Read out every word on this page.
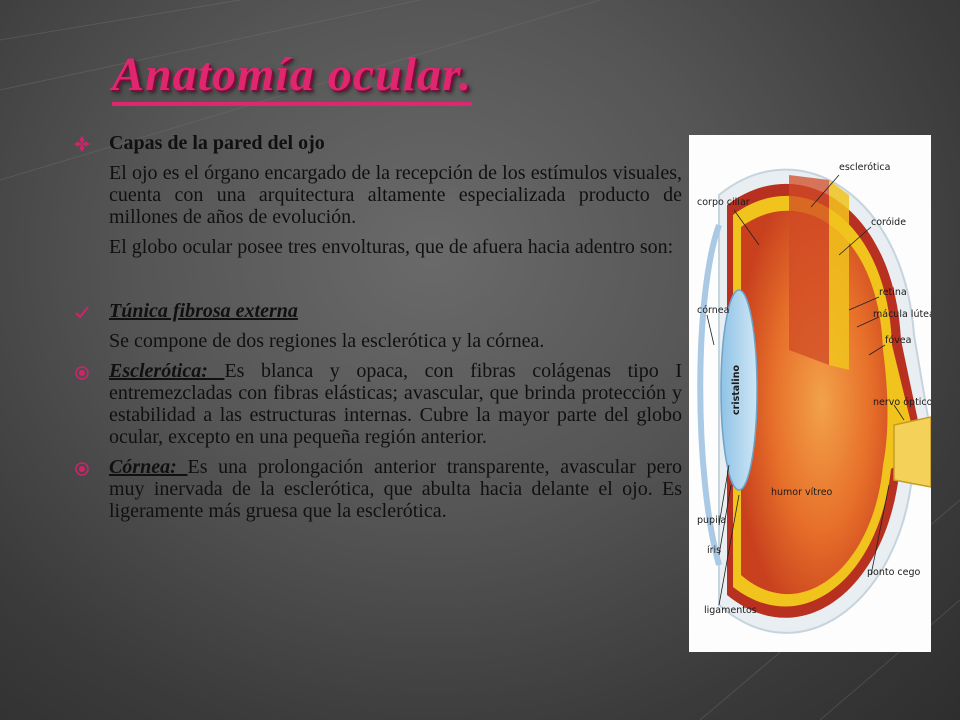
Anatomía ocular.

Capas de la pared del ojo

El ojo es el órgano encargado de la recepción de los estímulos visuales, cuenta con una arquitectura altamente especializada producto de millones de años de evolución.

El globo ocular posee tres envolturas, que de afuera hacia adentro son:

Túnica fibrosa externa

Se compone de dos regiones la esclerótica y la córnea.

Esclerótica: Es blanca y opaca, con fibras colágenas tipo I entremezcladas con fibras elásticas; avascular, que brinda protección y estabilidad a las estructuras internas. Cubre la mayor parte del globo ocular, excepto en una pequeña región anterior.

Córnea: Es una prolongación anterior transparente, avascular pero muy inervada de la esclerótica, que abulta hacia delante el ojo. Es ligeramente más gruesa que la esclerótica.

esclerótica
corpo ciliar
coróide
retina
córnea	mácula lútea
fóvea
nervo óptico
humor vítreo
pupila
íris
ponto cego
ligamentos
cristalino
